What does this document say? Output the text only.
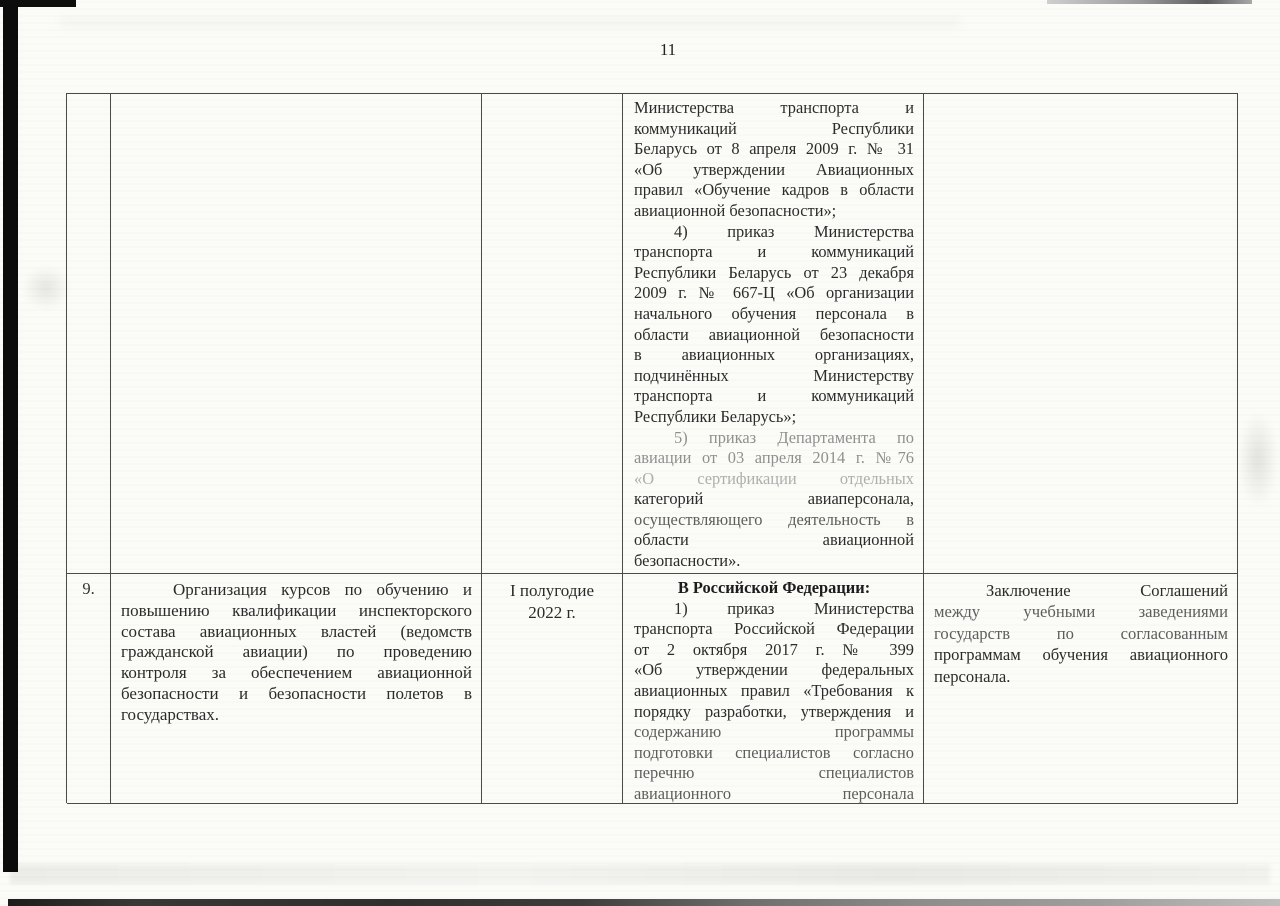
11
Министерства транспорта и
коммуникаций Республики
Беларусь от 8 апреля 2009 г. № 31
«Об утверждении Авиационных
правил «Обучение кадров в области
авиационной безопасности»;
4) приказ Министерства
транспорта и коммуникаций
Республики Беларусь от 23 декабря
2009 г. № 667-Ц «Об организации
начального обучения персонала в
области авиационной безопасности
в авиационных организациях,
подчинённых Министерству
транспорта и коммуникаций
Республики Беларусь»;
5) приказ Департамента по
авиации от 03 апреля 2014 г. №76
«О сертификации отдельных
категорий авиаперсонала,
осуществляющего деятельность в
области авиационной
безопасности».
9.	Организация курсов по обучению и
повышению квалификации инспекторского
состава авиационных властей (ведомств
гражданской авиации) по проведению
контроля за обеспечением авиационной
безопасности и безопасности полетов в
государствах.
I полугодие
2022 г.
В Российской Федерации:
1) приказ Министерства
транспорта Российской Федерации
от 2 октября 2017 г. № 399
«Об утверждении федеральных
авиационных правил «Требования к
порядку разработки, утверждения и
содержанию программы
подготовки специалистов согласно
перечню специалистов
авиационного персонала
Заключение Соглашений
между учебными заведениями
государств по согласованным
программам обучения авиационного
персонала.
